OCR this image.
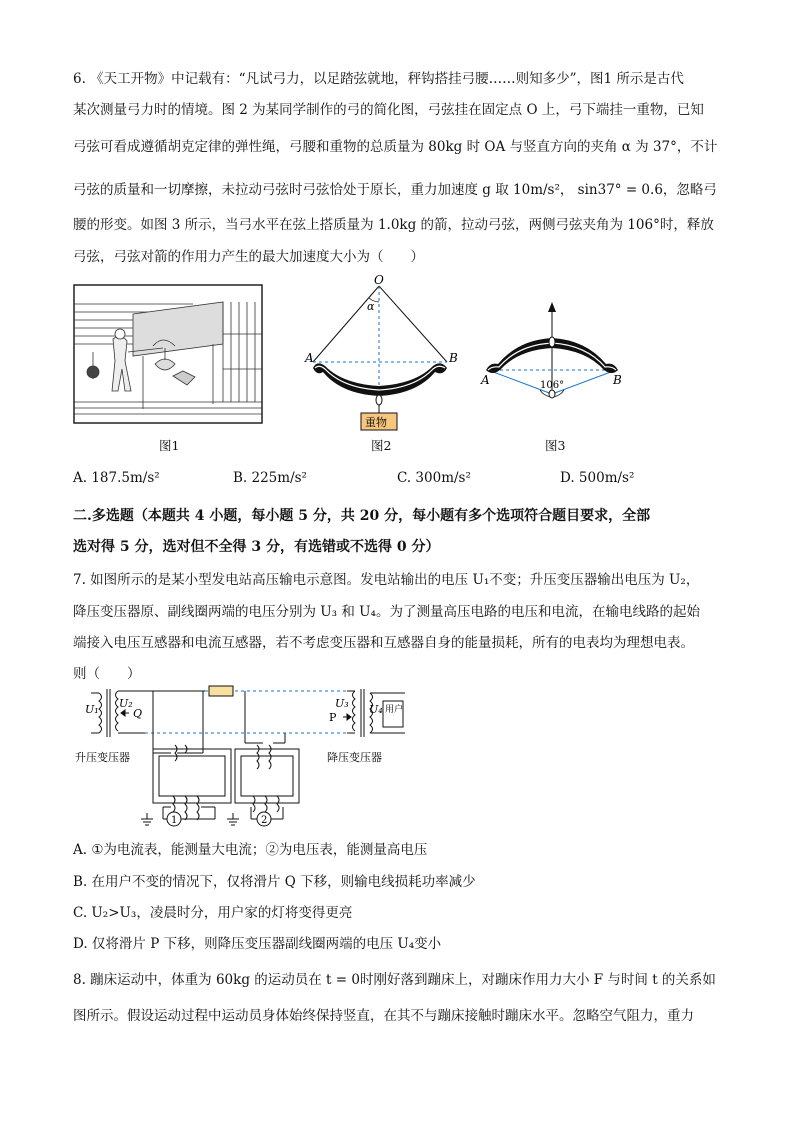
6. 《天工开物》中记载有：“凡试弓力，以足踏弦就地，秤钩搭挂弓腰……则知多少”，图1 所示是古代
某次测量弓力时的情境。图 2 为某同学制作的弓的简化图，弓弦挂在固定点 O 上，弓下端挂一重物，已知
弓弦可看成遵循胡克定律的弹性绳，弓腰和重物的总质量为 80kg 时 OA 与竖直方向的夹角 α 为 37°，不计
弓弦的质量和一切摩擦，未拉动弓弦时弓弦恰处于原长，重力加速度 g 取 10m/s²， sin37° = 0.6，忽略弓
腰的形变。如图 3 所示，当弓水平在弦上搭质量为 1.0kg 的箭，拉动弓弦，两侧弓弦夹角为 106°时，释放
弓弦，弓弦对箭的作用力产生的最大加速度大小为（　　）
O
α
A	B
重物
A	B
106°
图1	图2	图3
A. 187.5m/s²	B. 225m/s²	C. 300m/s²	D. 500m/s²
二.多选题（本题共 4 小题，每小题 5 分，共 20 分，每小题有多个选项符合题目要求，全部
选对得 5 分，选对但不全得 3 分，有选错或不选得 0 分）
7. 如图所示的是某小型发电站高压输电示意图。发电站输出的电压 U₁不变；升压变压器输出电压为 U₂，
降压变压器原、副线圈两端的电压分别为 U₃ 和 U₄。为了测量高压电路的电压和电流，在输电线路的起始
端接入电压互感器和电流互感器，若不考虑变压器和互感器自身的能量损耗，所有的电表均为理想电表。
则（　　）
1	2
U₁ U₂
Q
U₃
P
U₄ 用户
升压变压器	降压变压器
A. ①为电流表，能测量大电流；②为电压表，能测量高电压
B. 在用户不变的情况下，仅将滑片 Q 下移，则输电线损耗功率减少
C. U₂>U₃，凌晨时分，用户家的灯将变得更亮
D. 仅将滑片 P 下移，则降压变压器副线圈两端的电压 U₄变小
8. 蹦床运动中，体重为 60kg 的运动员在 t = 0时刚好落到蹦床上，对蹦床作用力大小 F 与时间 t 的关系如
图所示。假设运动过程中运动员身体始终保持竖直，在其不与蹦床接触时蹦床水平。忽略空气阻力，重力
